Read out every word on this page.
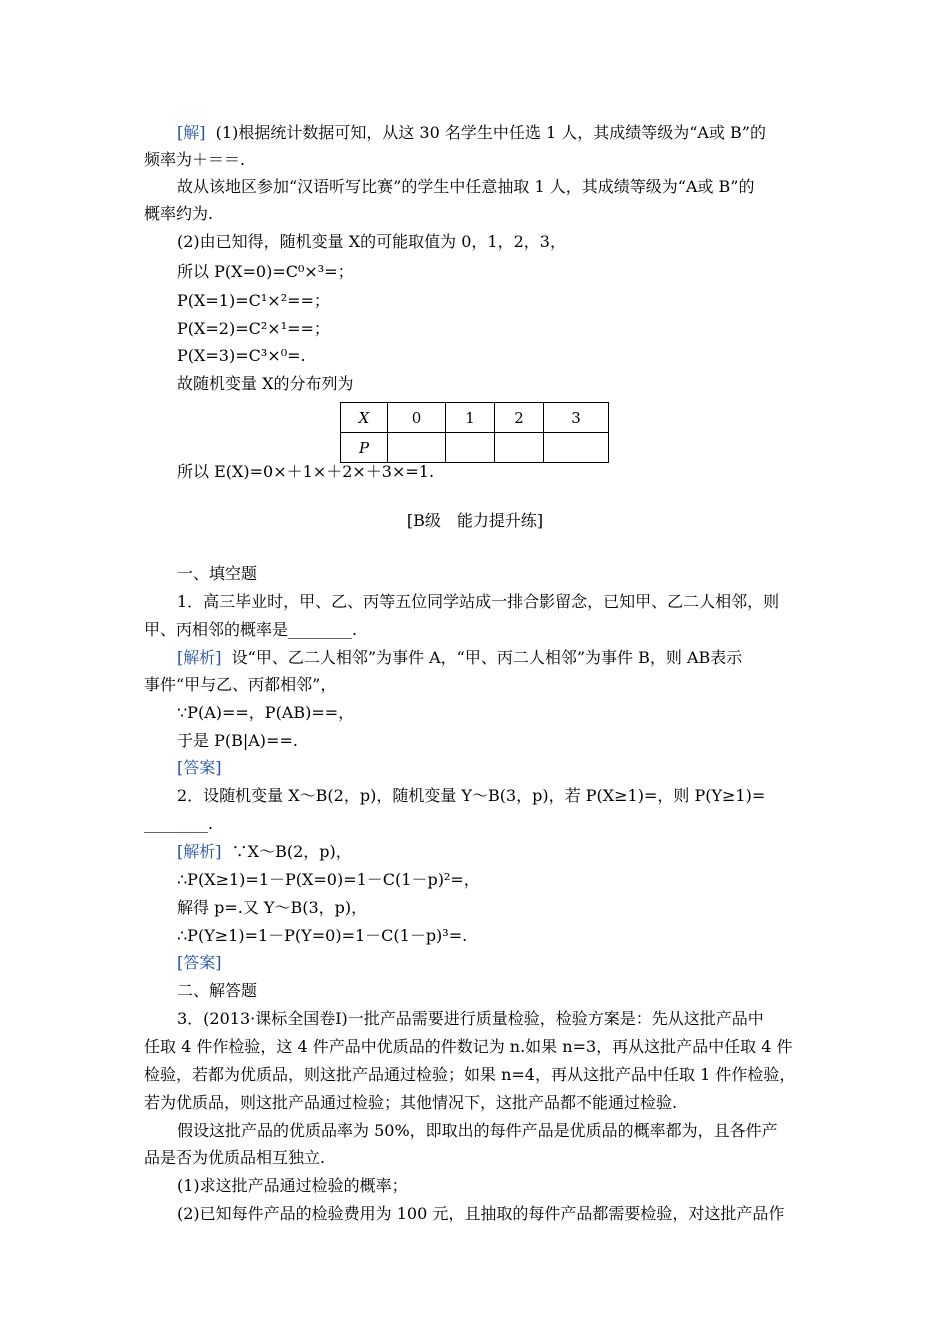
[解] (1)根据统计数据可知，从这 30 名学生中任选 1 人，其成绩等级为“A或 B”的
频率为＋＝＝.
故从该地区参加“汉语听写比赛”的学生中任意抽取 1 人，其成绩等级为“A或 B”的
概率约为.
(2)由已知得，随机变量 X的可能取值为 0，1，2，3，
所以 P(X=0)=C⁰×³=；
P(X=1)=C¹×²==；
P(X=2)=C²×¹==；
P(X=3)=C³×⁰=.
故随机变量 X的分布列为
X	0	1	2	3
P				
所以 E(X)=0×＋1×＋2×＋3×=1.
[B级　能力提升练]
一、填空题
1．高三毕业时，甲、乙、丙等五位同学站成一排合影留念，已知甲、乙二人相邻，则
甲、丙相邻的概率是________.
[解析] 设“甲、乙二人相邻”为事件 A，“甲、丙二人相邻”为事件 B，则 AB表示
事件“甲与乙、丙都相邻”，
∵P(A)==，P(AB)==，
于是 P(B|A)==.
[答案]
2．设随机变量 X～B(2，p)，随机变量 Y～B(3，p)，若 P(X≥1)=，则 P(Y≥1)=
________.
[解析] ∵X～B(2，p)，
∴P(X≥1)=1－P(X=0)=1－C(1－p)²=，
解得 p=.又 Y～B(3，p)，
∴P(Y≥1)=1－P(Y=0)=1－C(1－p)³=.
[答案]
二、解答题
3．(2013·课标全国卷Ⅰ)一批产品需要进行质量检验，检验方案是：先从这批产品中
任取 4 件作检验，这 4 件产品中优质品的件数记为 n.如果 n=3，再从这批产品中任取 4 件
检验，若都为优质品，则这批产品通过检验；如果 n=4，再从这批产品中任取 1 件作检验，
若为优质品，则这批产品通过检验；其他情况下，这批产品都不能通过检验.
假设这批产品的优质品率为 50%，即取出的每件产品是优质品的概率都为，且各件产
品是否为优质品相互独立.
(1)求这批产品通过检验的概率；
(2)已知每件产品的检验费用为 100 元，且抽取的每件产品都需要检验，对这批产品作
